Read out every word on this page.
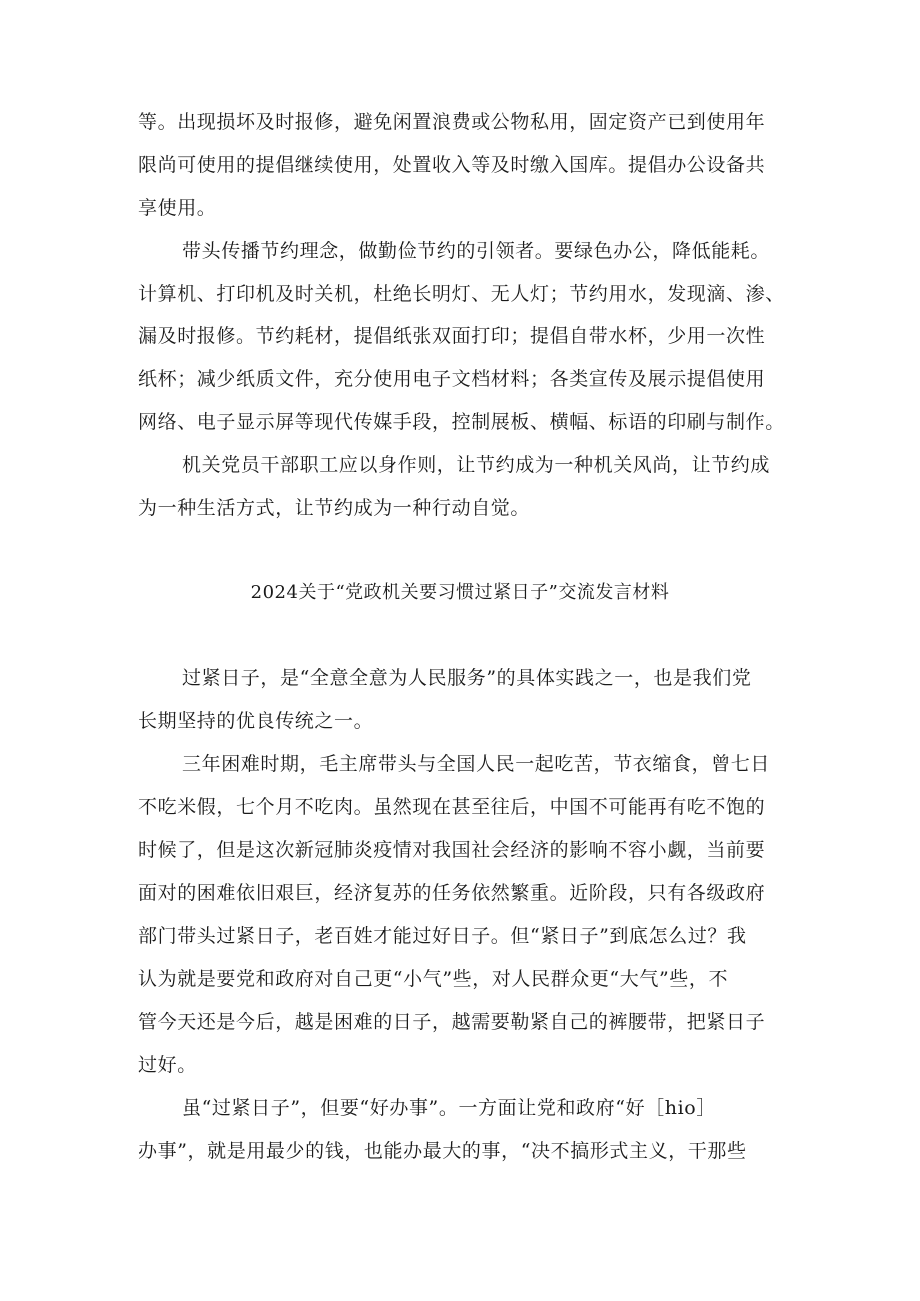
等。出现损坏及时报修，避免闲置浪费或公物私用，固定资产已到使用年
限尚可使用的提倡继续使用，处置收入等及时缴入国库。提倡办公设备共
享使用。
带头传播节约理念，做勤俭节约的引领者。要绿色办公，降低能耗。
计算机、打印机及时关机，杜绝长明灯、无人灯；节约用水，发现滴、渗、
漏及时报修。节约耗材，提倡纸张双面打印；提倡自带水杯，少用一次性
纸杯；减少纸质文件，充分使用电子文档材料；各类宣传及展示提倡使用
网络、电子显示屏等现代传媒手段，控制展板、横幅、标语的印刷与制作。
机关党员干部职工应以身作则，让节约成为一种机关风尚，让节约成
为一种生活方式，让节约成为一种行动自觉。
2024关于“党政机关要习惯过紧日子”交流发言材料
过紧日子，是“全意全意为人民服务”的具体实践之一，也是我们党
长期坚持的优良传统之一。
三年困难时期，毛主席带头与全国人民一起吃苦，节衣缩食，曾七日
不吃米假，七个月不吃肉。虽然现在甚至往后，中国不可能再有吃不饱的
时候了，但是这次新冠肺炎疫情对我国社会经济的影响不容小觑，当前要
面对的困难依旧艰巨，经济复苏的任务依然繁重。近阶段，只有各级政府
部门带头过紧日子，老百姓才能过好日子。但“紧日子”到底怎么过？我
认为就是要党和政府对自己更“小气”些，对人民群众更“大气”些，不
管今天还是今后，越是困难的日子，越需要勒紧自己的裤腰带，把紧日子
过好。
虽“过紧日子”，但要“好办事”。一方面让党和政府“好［hio］
办事”，就是用最少的钱，也能办最大的事，“决不搞形式主义，干那些
